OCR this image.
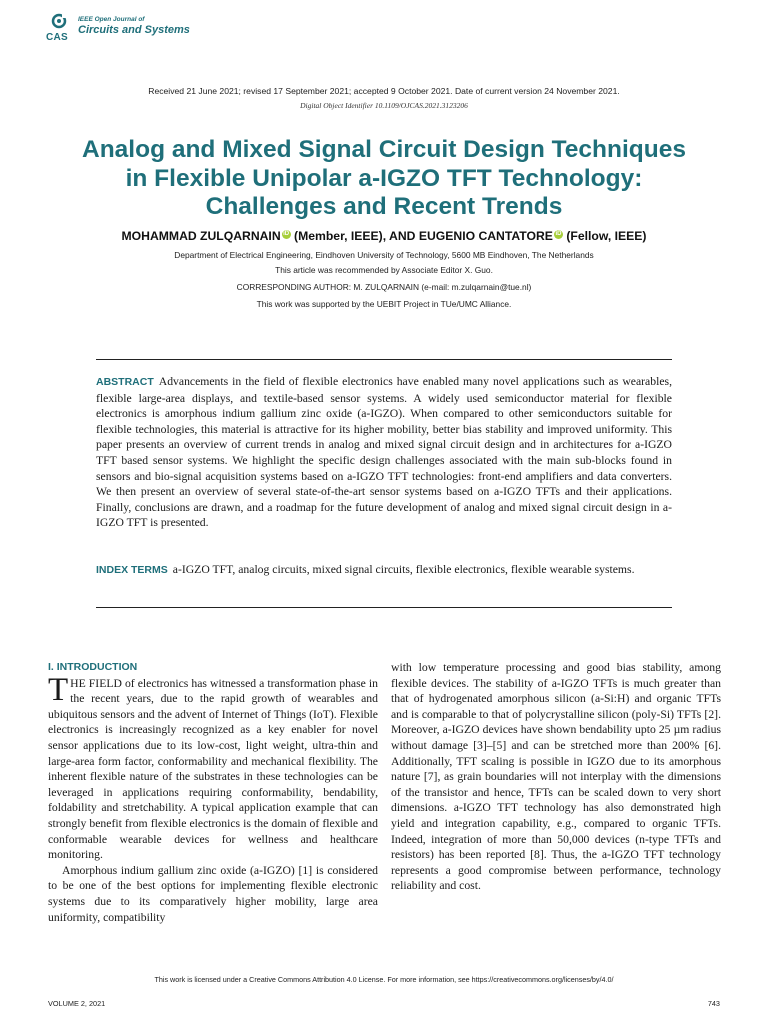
CAS
IEEE Open Journal of
Circuits and Systems
Received 21 June 2021; revised 17 September 2021; accepted 9 October 2021. Date of current version 24 November 2021.
Digital Object Identifier 10.1109/OJCAS.2021.3123206
Analog and Mixed Signal Circuit Design Techniques
in Flexible Unipolar a-IGZO TFT Technology:
Challenges and Recent Trends
MOHAMMAD ZULQARNAIN iD (Member, IEEE), AND EUGENIO CANTATORE iD (Fellow, IEEE)
Department of Electrical Engineering, Eindhoven University of Technology, 5600 MB Eindhoven, The Netherlands
This article was recommended by Associate Editor X. Guo.
CORRESPONDING AUTHOR: M. ZULQARNAIN (e-mail: m.zulqarnain@tue.nl)
This work was supported by the UEBIT Project in TUe/UMC Alliance.
ABSTRACT Advancements in the field of flexible electronics have enabled many novel applications such as wearables, flexible large-area displays, and textile-based sensor systems. A widely used semiconductor material for flexible electronics is amorphous indium gallium zinc oxide (a-IGZO). When compared to other semiconductors suitable for flexible technologies, this material is attractive for its higher mobility, better bias stability and improved uniformity. This paper presents an overview of current trends in analog and mixed signal circuit design and in architectures for a-IGZO TFT based sensor systems. We highlight the specific design challenges associated with the main sub-blocks found in sensors and bio-signal acquisition systems based on a-IGZO TFT technologies: front-end amplifiers and data converters. We then present an overview of several state-of-the-art sensor systems based on a-IGZO TFTs and their applications. Finally, conclusions are drawn, and a roadmap for the future development of analog and mixed signal circuit design in a-IGZO TFT is presented.
INDEX TERMS a-IGZO TFT, analog circuits, mixed signal circuits, flexible electronics, flexible wearable systems.
I. INTRODUCTION

THE FIELD of electronics has witnessed a transformation phase in the recent years, due to the rapid growth of wearables and ubiquitous sensors and the advent of Internet of Things (IoT). Flexible electronics is increasingly recognized as a key enabler for novel sensor applications due to its low-cost, light weight, ultra-thin and large-area form factor, conformability and mechanical flexibility. The inherent flexible nature of the substrates in these technologies can be leveraged in applications requiring conformability, bendability, foldability and stretchability. A typical application example that can strongly benefit from flexible electronics is the domain of flexible and conformable wearable devices for wellness and healthcare monitoring.

Amorphous indium gallium zinc oxide (a-IGZO) [1] is considered to be one of the best options for implementing flexible electronic systems due to its comparatively higher mobility, large area uniformity, compatibility

with low temperature processing and good bias stability, among flexible devices. The stability of a-IGZO TFTs is much greater than that of hydrogenated amorphous silicon (a-Si:H) and organic TFTs and is comparable to that of polycrystalline silicon (poly-Si) TFTs [2]. Moreover, a-IGZO devices have shown bendability upto 25 µm radius without damage [3]–[5] and can be stretched more than 200% [6]. Additionally, TFT scaling is possible in IGZO due to its amorphous nature [7], as grain boundaries will not interplay with the dimensions of the transistor and hence, TFTs can be scaled down to very short dimensions. a-IGZO TFT technology has also demonstrated high yield and integration capability, e.g., compared to organic TFTs. Indeed, integration of more than 50,000 devices (n-type TFTs and resistors) has been reported [8]. Thus, the a-IGZO TFT technology represents a good compromise between performance, technology reliability and cost.

This work is licensed under a Creative Commons Attribution 4.0 License. For more information, see https://creativecommons.org/licenses/by/4.0/
VOLUME 2, 2021	743
